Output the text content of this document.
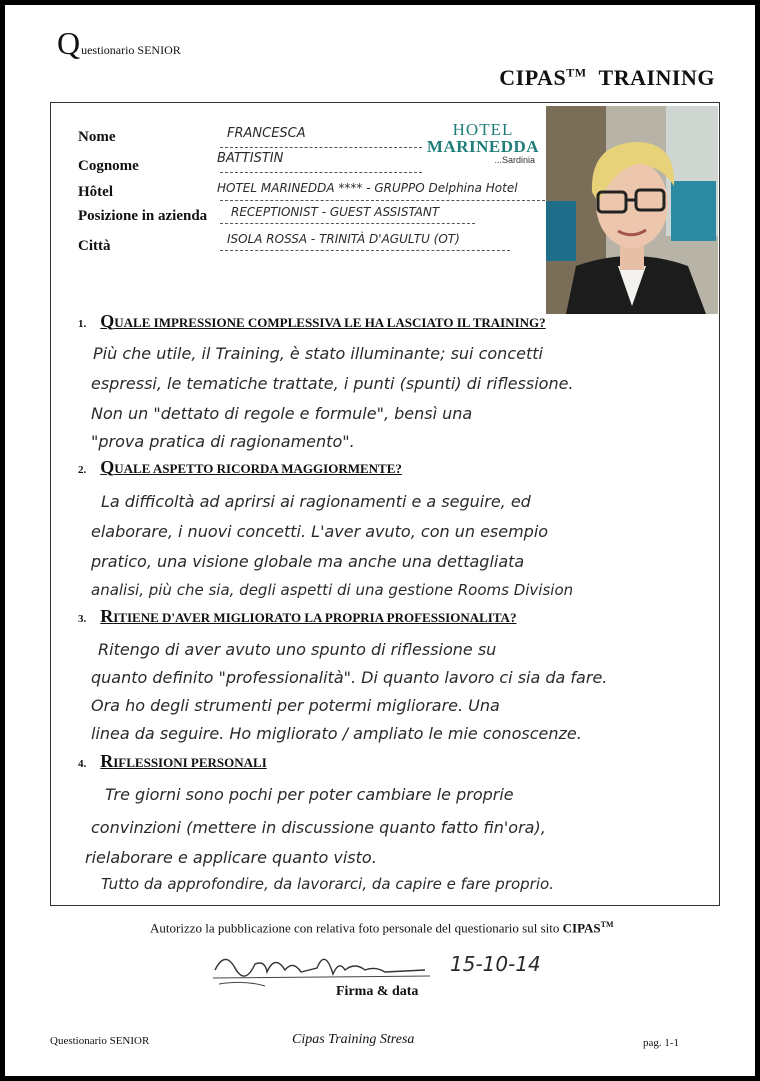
Questionario SENIOR
CIPAS™ TRAINING
Nome
Cognome
Hôtel
Posizione in azienda
Città
FRANCESCA
BATTISTIN
HOTEL MARINEDDA **** - GRUPPO Delphina Hotel
RECEPTIONIST - GUEST ASSISTANT
ISOLA ROSSA - TRINITÀ D'AGULTU (OT)
HOTEL
MARINEDDA
...Sardinia
1. QUALE IMPRESSIONE COMPLESSIVA LE HA LASCIATO IL TRAINING?
Più che utile, il Training, è stato illuminante; sui concetti
espressi, le tematiche trattate, i punti (spunti) di riflessione.
Non un "dettato di regole e formule", bensì una
"prova pratica di ragionamento".
2. QUALE ASPETTO RICORDA MAGGIORMENTE?
La difficoltà ad aprirsi ai ragionamenti e a seguire, ed
elaborare, i nuovi concetti. L'aver avuto, con un esempio
pratico, una visione globale ma anche una dettagliata
analisi, più che sia, degli aspetti di una gestione Rooms Division
3. RITIENE D'AVER MIGLIORATO LA PROPRIA PROFESSIONALITA?
Ritengo di aver avuto uno spunto di riflessione su
quanto definito "professionalità". Di quanto lavoro ci sia da fare.
Ora ho degli strumenti per potermi migliorare. Una
linea da seguire. Ho migliorato / ampliato le mie conoscenze.
4. RIFLESSIONI PERSONALI
Tre giorni sono pochi per poter cambiare le proprie
convinzioni (mettere in discussione quanto fatto fin'ora),
rielaborare e applicare quanto visto.
Tutto da approfondire, da lavorarci, da capire e fare proprio.
Autorizzo la pubblicazione con relativa foto personale del questionario sul sito CIPAS™
15-10-14
Firma & data
Questionario SENIOR	Cipas Training Stresa	pag. 1-1
